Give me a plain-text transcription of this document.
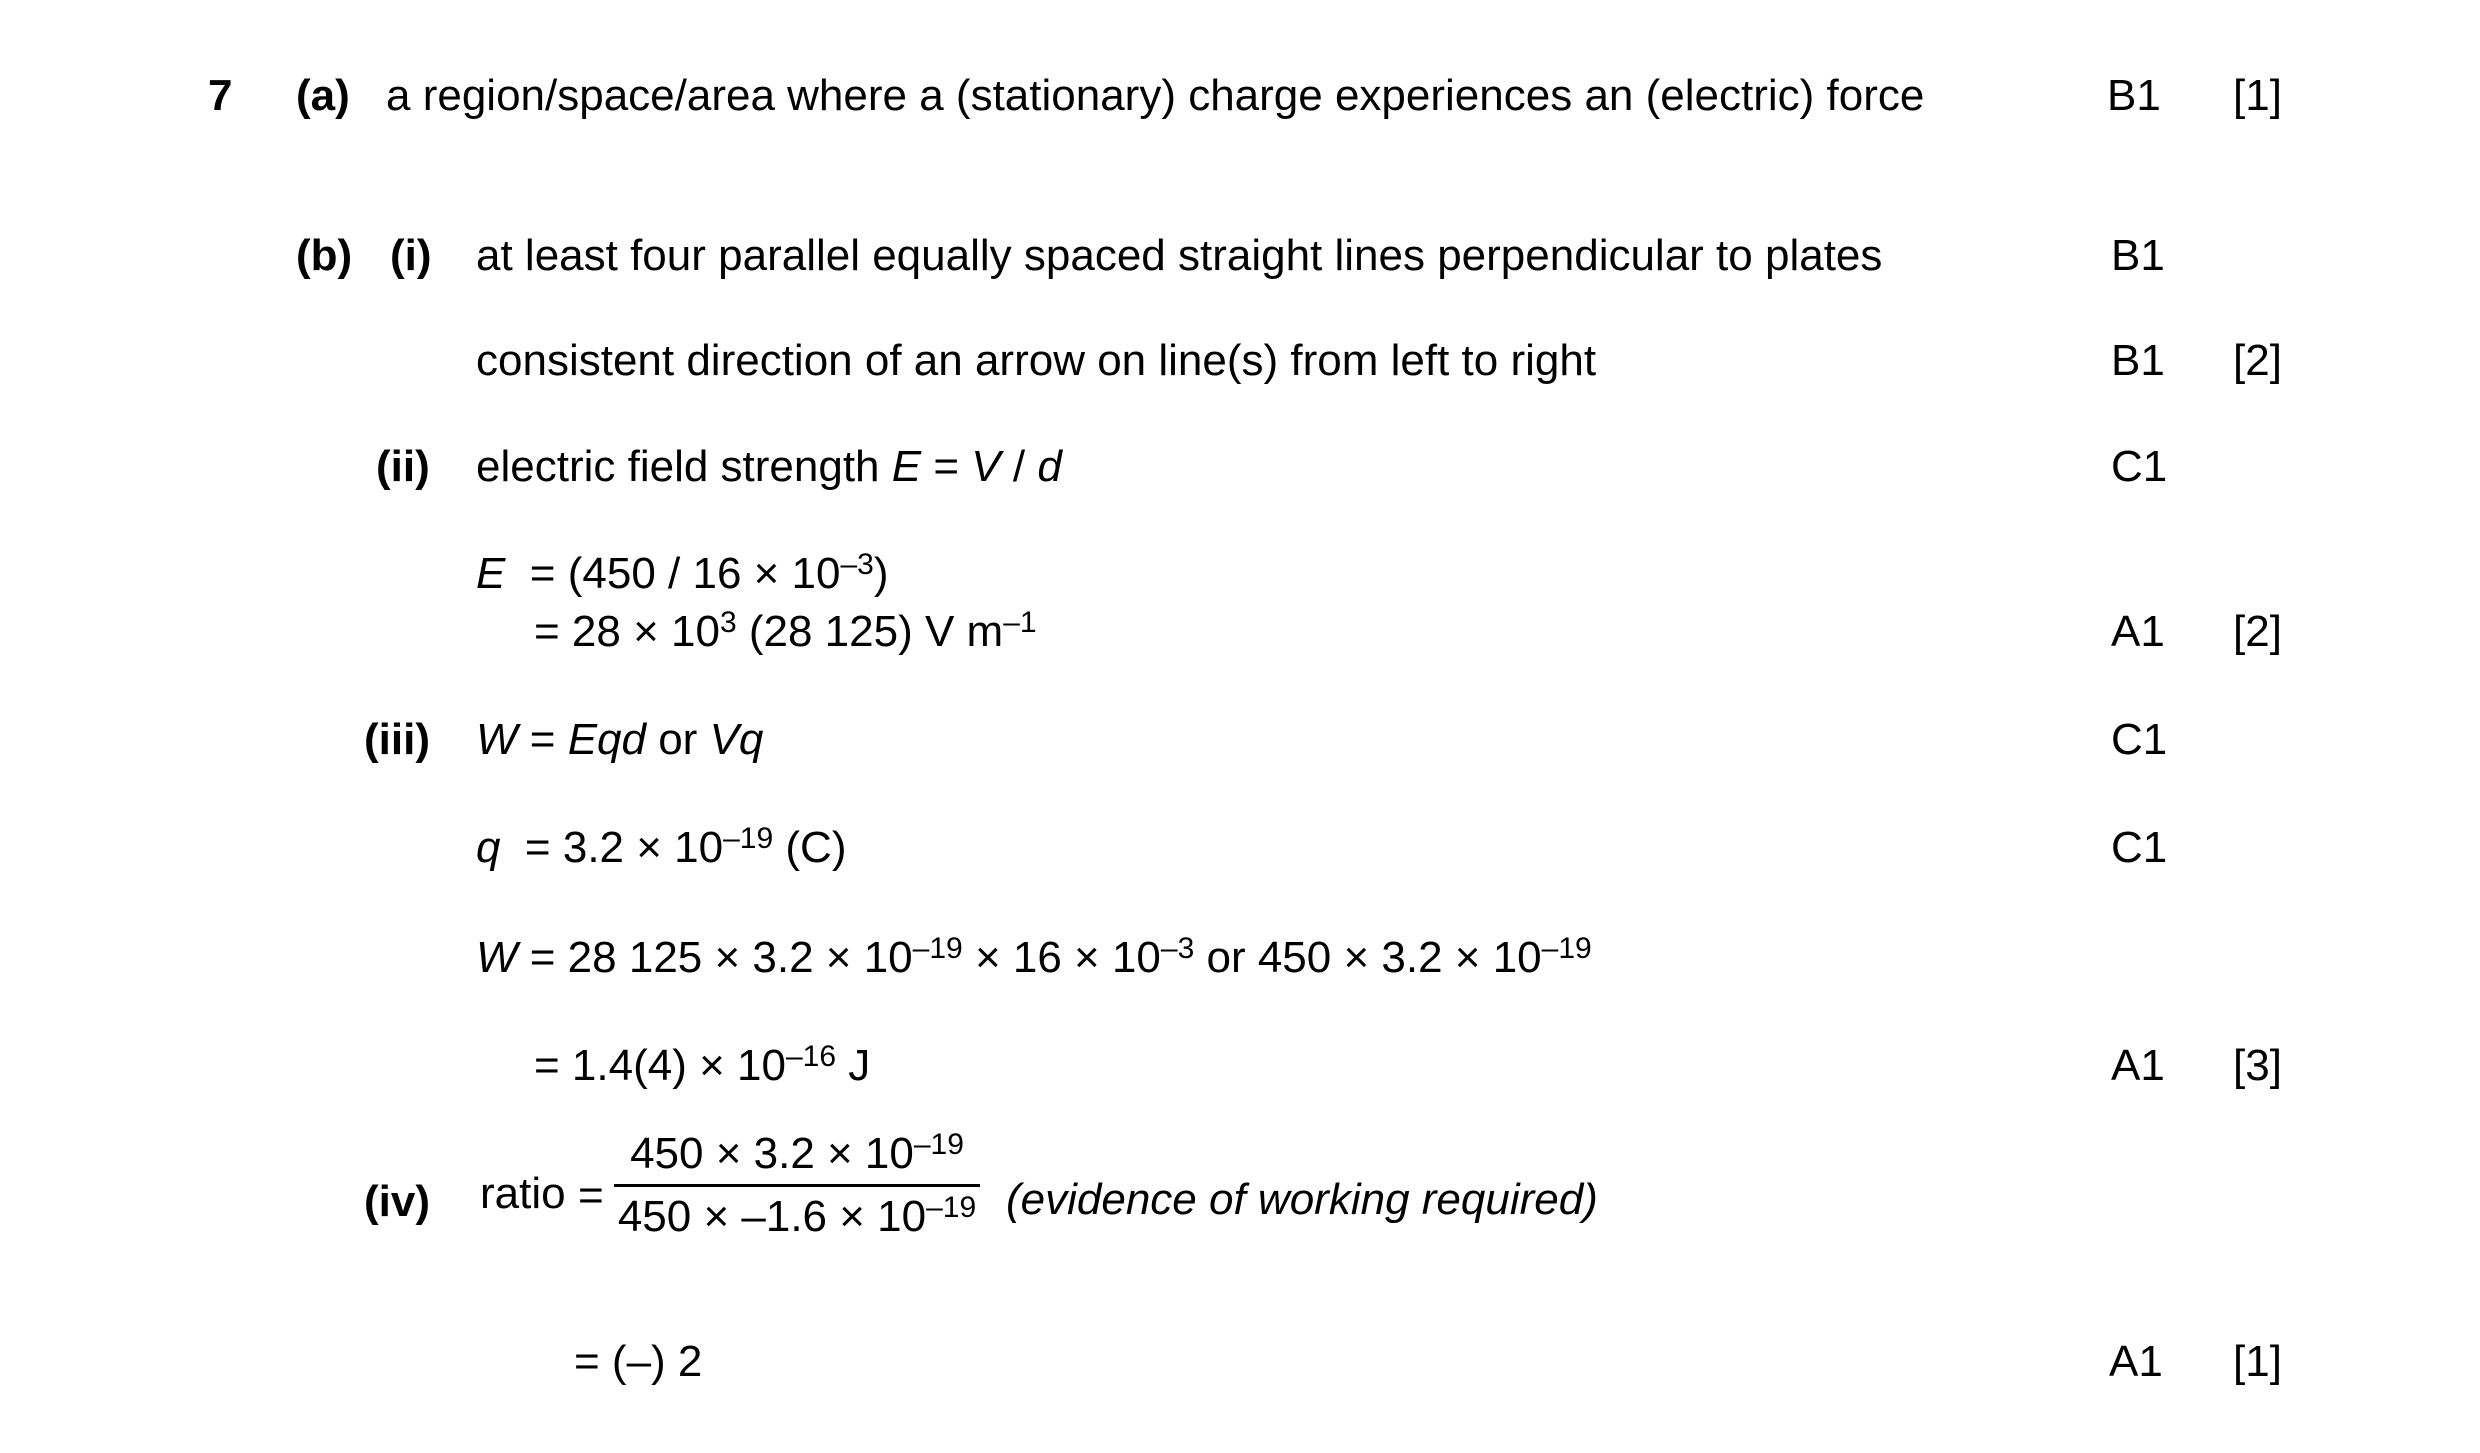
7 (a) a region/space/area where a (stationary) charge experiences an (electric) force	B1 [1]
(b) (i) at least four parallel equally spaced straight lines perpendicular to plates	B1
consistent direction of an arrow on line(s) from left to right	B1 [2]
(ii) electric field strength E = V / d	C1
$E = (450 / 16 \times 10^{-3})$
= $28 \times 10^3$ (28 125) V $m^{-1}$	A1 [2]
(iii) W = Eqd or Vq	C1
$q = 3.2 \times 10^{-19}$ (C)	C1
W = 28 $125 \times 3.2 \times 10^{-19} \times 16 \times 10^{-3}$ or $450 \times 3.2 \times 10^{-19}$
= $1.4(4) \times 10^{-16}$ J	A1 [3]
(iv) ratio =
$450 \times 3.2 \times 10^{-19}$
$450 \times -1.6 \times 10^{-19}$ (evidence of working required)
= (–) 2	A1 [1]
